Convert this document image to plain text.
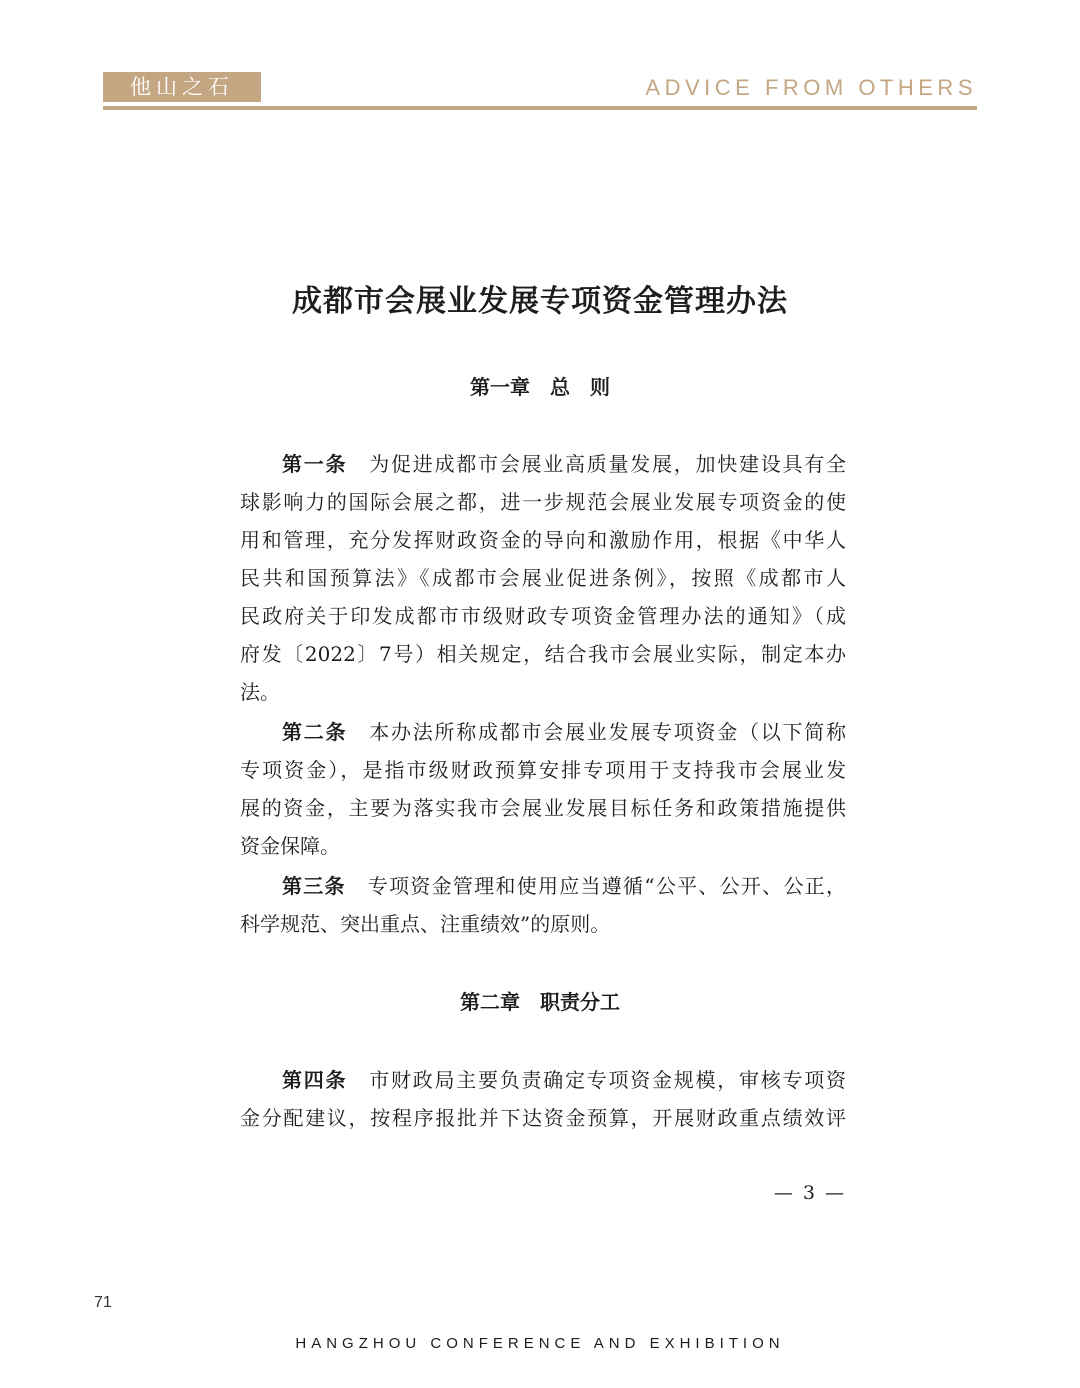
他山之石	ADVICE FROM OTHERS
成都市会展业发展专项资金管理办法
第一章　总　则
第一条 为促进成都市会展业高质量发展，加快建设具有全
球影响力的国际会展之都，进一步规范会展业发展专项资金的使
用和管理，充分发挥财政资金的导向和激励作用，根据《中华人
民共和国预算法》《成都市会展业促进条例》，按照《成都市人
民政府关于印发成都市市级财政专项资金管理办法的通知》（成
府发〔2022〕7号）相关规定，结合我市会展业实际，制定本办
法。
第二条 本办法所称成都市会展业发展专项资金（以下简称
专项资金），是指市级财政预算安排专项用于支持我市会展业发
展的资金，主要为落实我市会展业发展目标任务和政策措施提供
资金保障。
第三条 专项资金管理和使用应当遵循“公平、公开、公正，
科学规范、突出重点、注重绩效”的原则。
第二章　职责分工
第四条 市财政局主要负责确定专项资金规模，审核专项资
金分配建议，按程序报批并下达资金预算，开展财政重点绩效评
— 3 —
71
HANGZHOU CONFERENCE AND EXHIBITION
